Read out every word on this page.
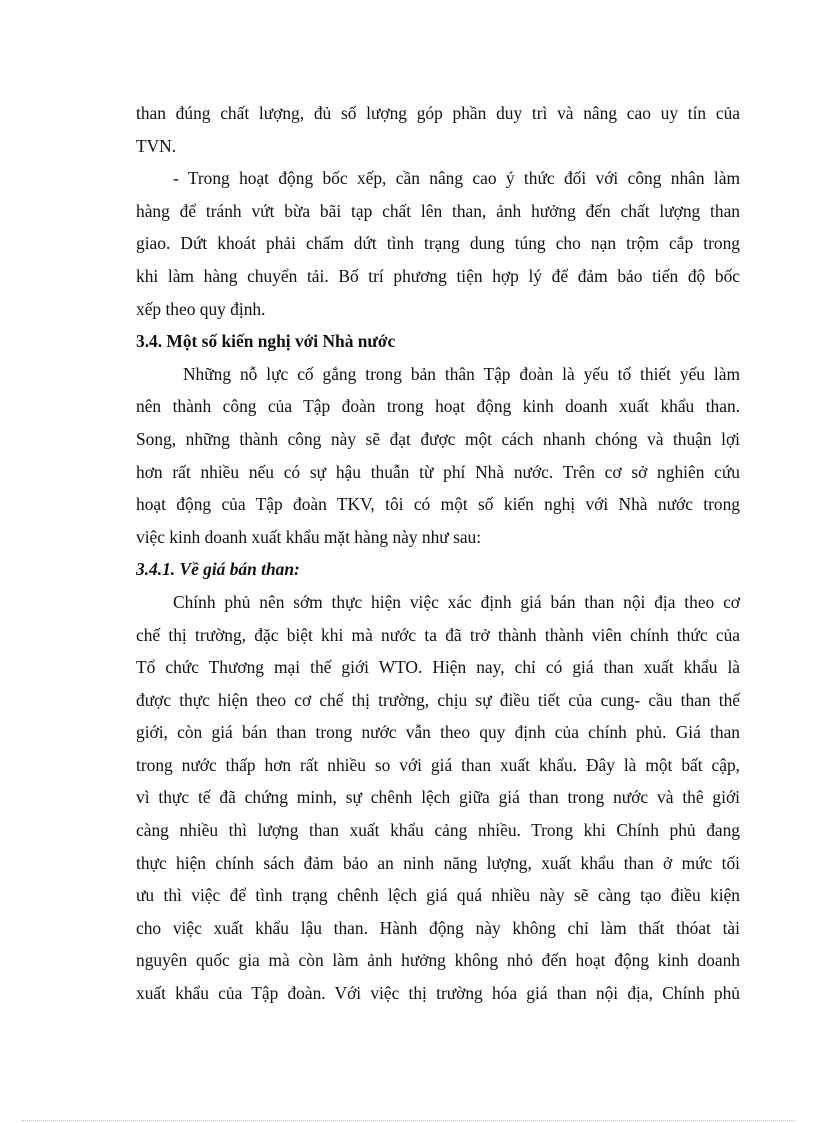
than đúng chất lượng, đủ số lượng góp phần duy trì và nâng cao uy tín của
TVN.
- Trong hoạt động bốc xếp, cần nâng cao ý thức đối với công nhân làm
hàng để tránh vứt bừa bãi tạp chất lên than, ảnh hưởng đến chất lượng than
giao. Dứt khoát phải chấm dứt tình trạng dung túng cho nạn trộm cắp trong
khi làm hàng chuyển tải. Bố trí phương tiện hợp lý để đảm bảo tiến độ bốc
xếp theo quy định.
3.4. Một số kiến nghị với Nhà nước
Những nỗ lực cố gắng trong bản thân Tập đoàn là yếu tố thiết yếu làm
nên thành công của Tập đoàn trong hoạt động kinh doanh xuất khẩu than.
Song, những thành công này sẽ đạt được một cách nhanh chóng và thuận lợi
hơn rất nhiều nếu có sự hậu thuẫn từ phí Nhà nước. Trên cơ sở nghiên cứu
hoạt động của Tập đoàn TKV, tôi có một số kiến nghị với Nhà nước trong
việc kinh doanh xuất khẩu mặt hàng này như sau:
3.4.1. Về giá bán than:
Chính phủ nên sớm thực hiện việc xác định giá bán than nội địa theo cơ
chế thị trường, đặc biệt khi mà nước ta đã trở thành thành viên chính thức của
Tổ chức Thương mại thế giới WTO. Hiện nay, chỉ có giá than xuất khẩu là
được thực hiện theo cơ chế thị trường, chịu sự điều tiết của cung- cầu than thế
giới, còn giá bán than trong nước vẫn theo quy định của chính phủ. Giá than
trong nước thấp hơn rất nhiều so với giá than xuất khẩu. Đây là một bất cập,
vì thực tế đã chứng minh, sự chênh lệch giữa giá than trong nước và thê giới
càng nhiều thì lượng than xuất khẩu cảng nhiều. Trong khi Chính phủ đang
thực hiện chính sách đảm bảo an ninh năng lượng, xuất khẩu than ở mức tối
ưu thì việc để tình trạng chênh lệch giá quá nhiều này sẽ càng tạo điều kiện
cho việc xuất khẩu lậu than. Hành động này không chỉ làm thất thóat tài
nguyên quốc gia mà còn làm ảnh hưởng không nhỏ đến hoạt động kinh doanh
xuất khẩu của Tập đoàn. Với việc thị trường hóa giá than nội địa, Chính phủ
